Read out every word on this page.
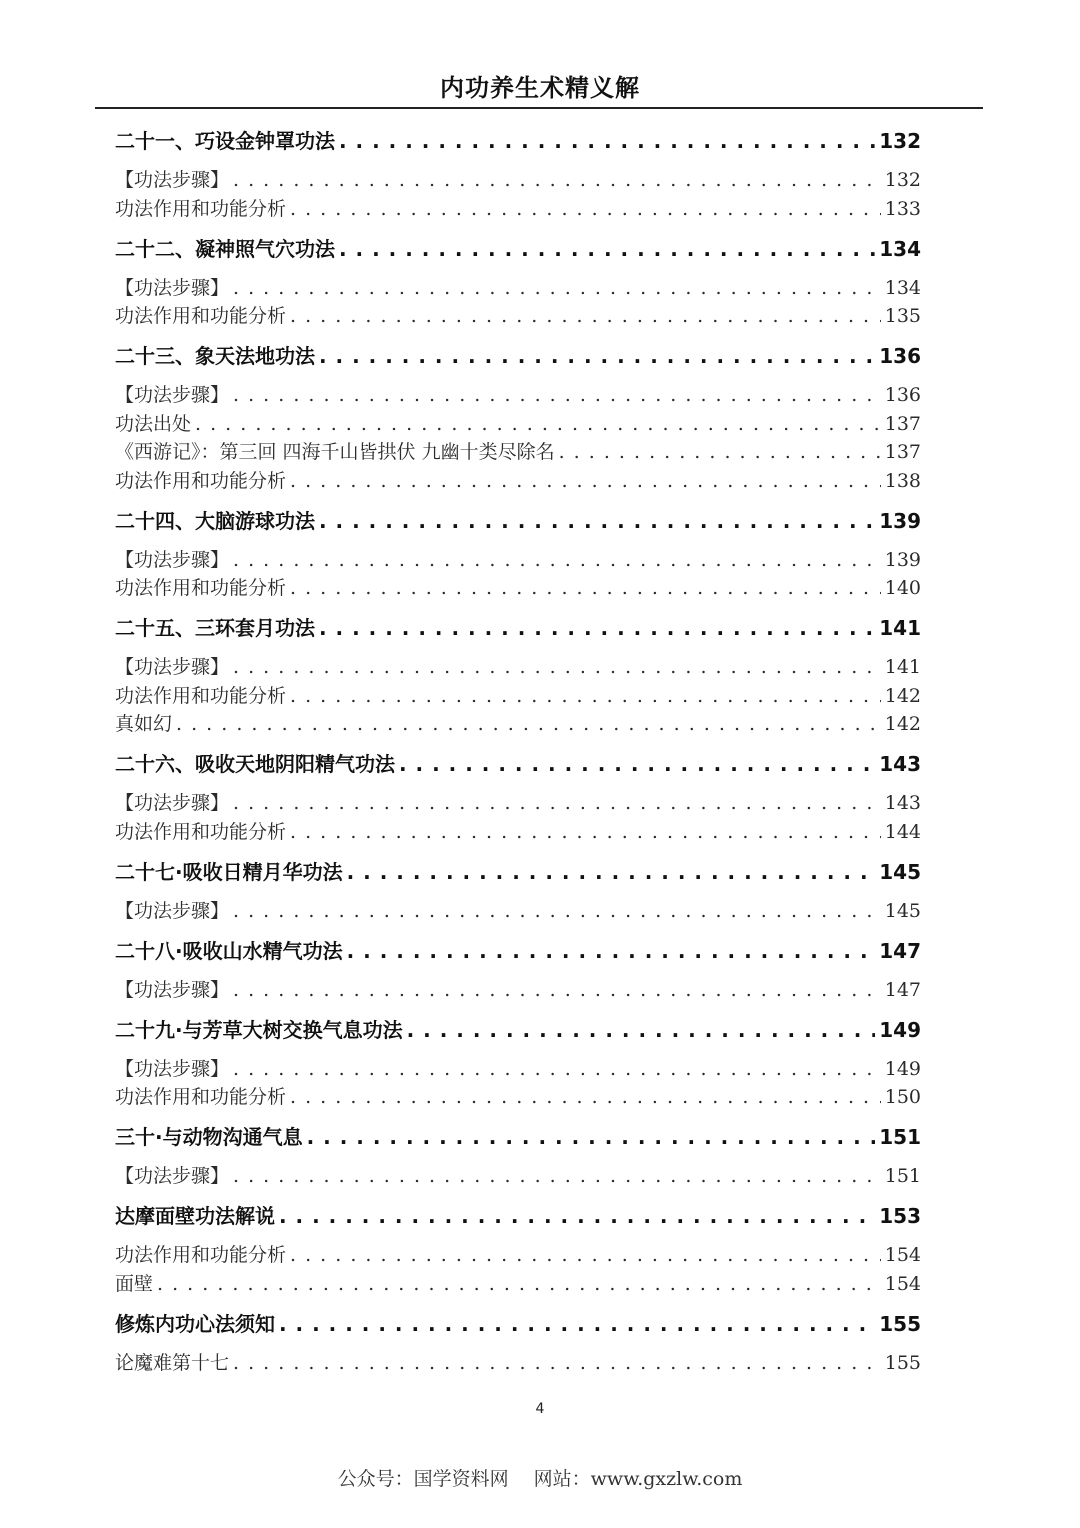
内功养生术精义解
二十一、巧设金钟罩功法 . . .	132
【功法步骤】 . . .	132
功法作用和功能分析 . . .	133
二十二、凝神照气穴功法 . . .	134
【功法步骤】 . . .	134
功法作用和功能分析 . . .	135
二十三、象天法地功法 . . .	136
【功法步骤】 . . .	136
功法出处 . . .	137
《西游记》：第三回 四海千山皆拱伏 九幽十类尽除名 . . .	137
功法作用和功能分析 . . .	138
二十四、大脑游球功法 . . .	139
【功法步骤】 . . .	139
功法作用和功能分析 . . .	140
二十五、三环套月功法 . . .	141
【功法步骤】 . . .	141
功法作用和功能分析 . . .	142
真如幻 . . .	142
二十六、吸收天地阴阳精气功法 . . .	143
【功法步骤】 . . .	143
功法作用和功能分析 . . .	144
二十七·吸收日精月华功法 . . .	145
【功法步骤】 . . .	145
二十八·吸收山水精气功法 . . .	147
【功法步骤】 . . .	147
二十九·与芳草大树交换气息功法 . . .	149
【功法步骤】 . . .	149
功法作用和功能分析 . . .	150
三十·与动物沟通气息 . . .	151
【功法步骤】 . . .	151
达摩面壁功法解说 . . .	153
功法作用和功能分析 . . .	154
面壁 . . .	154
修炼内功心法须知 . . .	155
论魔难第十七 . . .	155
4
公众号：国学资料网　 网站：www.gxzlw.com
